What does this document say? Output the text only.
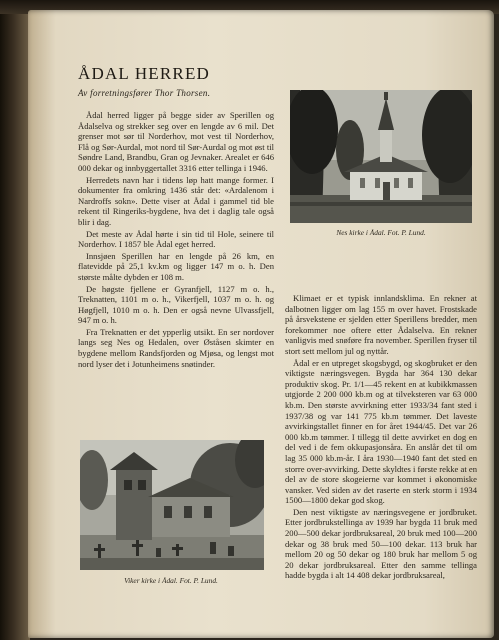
ÅDAL HERRED
Av forretningsfører Thor Thorsen.

Ådal herred ligger på begge sider av Sperillen og Ådalselva og strekker seg over en lengde av 6 mil. Det grenser mot sør til Norderhov, mot vest til Norderhov, Flå og Sør-Aurdal, mot nord til Sør-Aurdal og mot øst til Søndre Land, Brandbu, Gran og Jevnaker. Arealet er 646 000 dekar og innbyggertallet 3316 etter tellinga i 1946.

Herredets navn har i tidens løp hatt mange former. I dokumenter fra omkring 1436 står det: «Ardalenom i Nardroffs sokn». Dette viser at Ådal i gammel tid ble rekent til Ringeriks-bygdene, hva det i daglig tale også blir i dag.

Det meste av Ådal hørte i sin tid til Hole, seinere til Norderhov. I 1857 ble Ådal eget herred.

Innsjøen Sperillen har en lengde på 26 km, en flatevidde på 25,1 kv.km og ligger 147 m o. h. Den største målte dybden er 108 m.

De høgste fjellene er Gyranfjell, 1127 m o. h., Treknatten, 1101 m o. h., Vikerfjell, 1037 m o. h. og Høgfjell, 1010 m o. h. Den er også nevne Ulvassfjell, 947 m o. h.

Fra Treknatten er det ypperlig utsikt. En ser nordover langs seg Nes og Hedalen, over Øståsen skimter en bygdene mellom Randsfjorden og Mjøsa, og lengst mot nord lyser det i Jotunheimens snøtinder.

Nes kirke i Ådal. Fot. P. Lund.

Klimaet er et typisk innlandsklima. En rekner at dalbotnen ligger om lag 155 m over havet. Frostskade på årsvekstene er sjelden etter Sperillens bredder, men forekommer noe oftere etter Ådalselva. En rekner vanligvis med snøføre fra november. Sperillen fryser til stort sett mellom jul og nyttår.

Ådal er en utpreget skogsbygd, og skogbruket er den viktigste næringsvegen. Bygda har 364 130 dekar produktiv skog. Pr. 1/1—45 rekent en at kubikkmassen utgjorde 2 200 000 kb.m og at tilveksteren var 63 000 kb.m. Den største avvirkning etter 1933/34 fant sted i 1937/38 og var 141 775 kb.m tømmer. Det laveste avvirkingstallet finner en for året 1944/45. Det var 26 000 kb.m tømmer. I tillegg til dette avvirket en dog en del ved i de fem okkupasjonsåra. En anslår det til om lag 35 000 kb.m-år. I åra 1930—1940 fant det sted en storre over-avvirking. Dette skyldtes i første rekke at en del av de store skogeierne var kommet i økonomiske vansker. Ved siden av det raserte en sterk storm i 1934 1500—1800 dekar god skog.

Den nest viktigste av næringsvegene er jordbruket. Etter jordbrukstellinga av 1939 har bygda 11 bruk med 200—500 dekar jordbruksareal, 20 bruk med 100—200 dekar og 38 bruk med 50—100 dekar. 113 bruk har mellom 20 og 50 dekar og 180 bruk har mellom 5 og 20 dekar jordbruksareal. Etter den samme tellinga hadde bygda i alt 14 408 dekar jordbruksareal,

Viker kirke i Ådal. Fot. P. Lund.
